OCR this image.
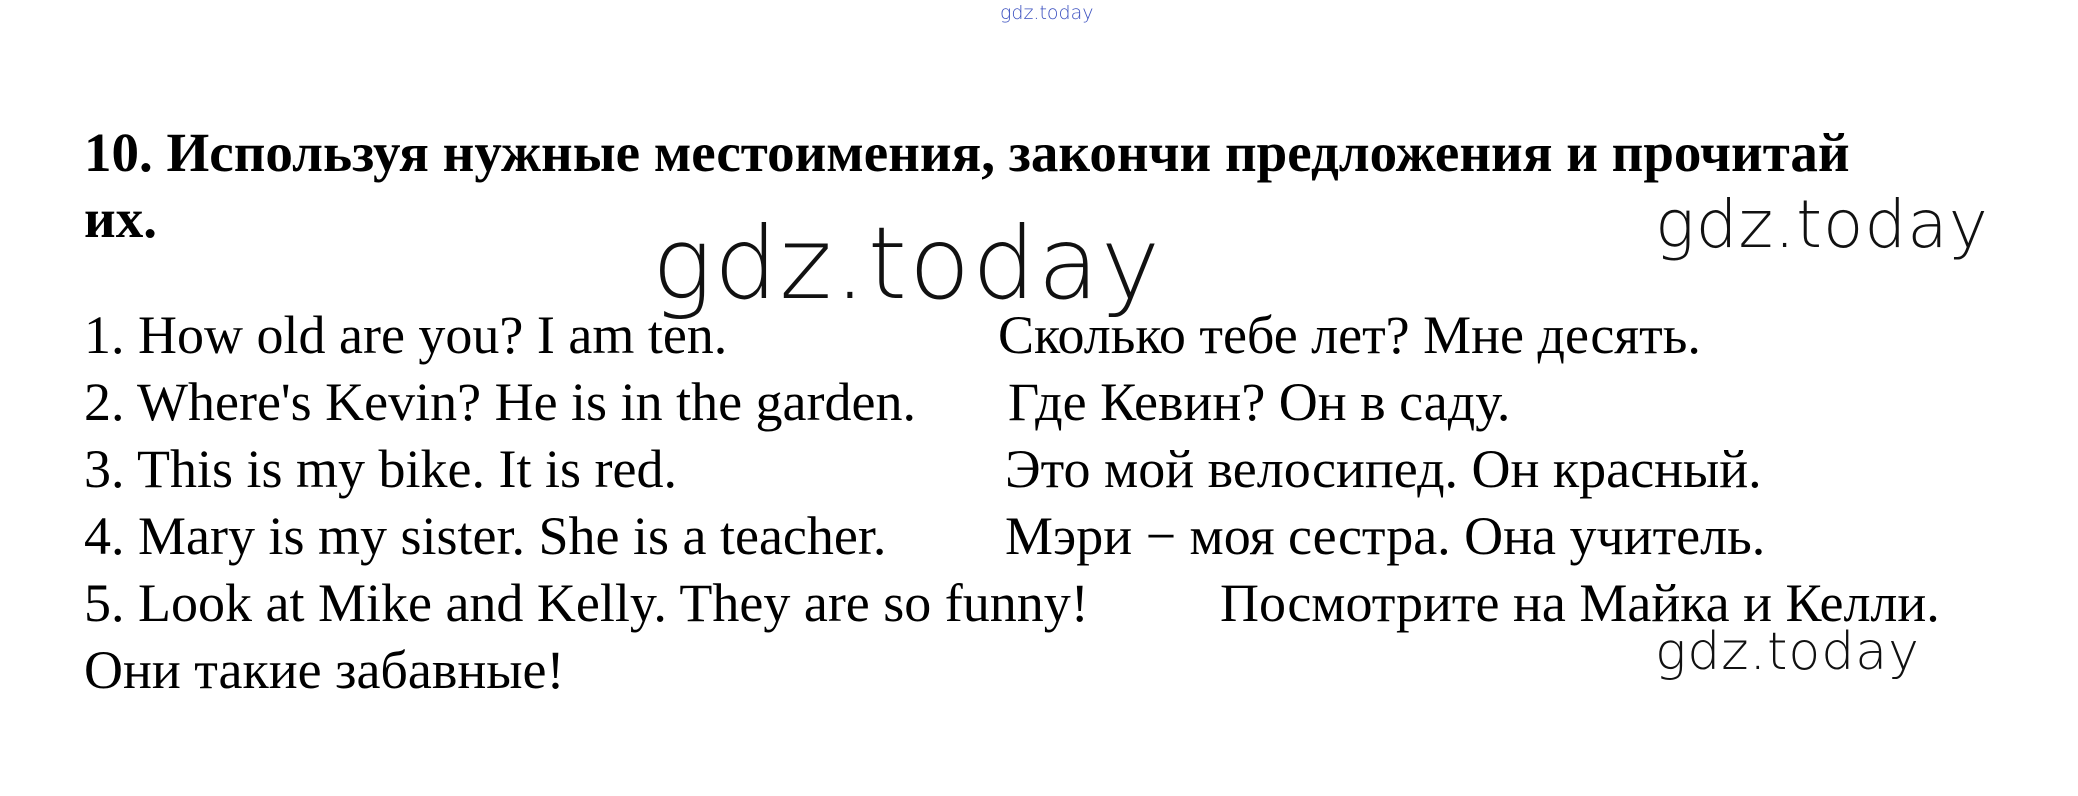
gdz.today
gdz.today	gdz.today
gdz.today
10. Используя нужные местоимения, закончи предложения и прочитай
их.
1. How old are you? I am ten.	Сколько тебе лет? Мне десять.
2. Where's Kevin? He is in the garden. Где Кевин? Он в саду.
3. This is my bike. It is red.	Это мой велосипед. Он красный.
4. Mary is my sister. She is a teacher. Мэри − моя сестра. Она учитель.
5. Look at Mike and Kelly. They are so funny! Посмотрите на Майка и Келли.
Они такие забавные!
